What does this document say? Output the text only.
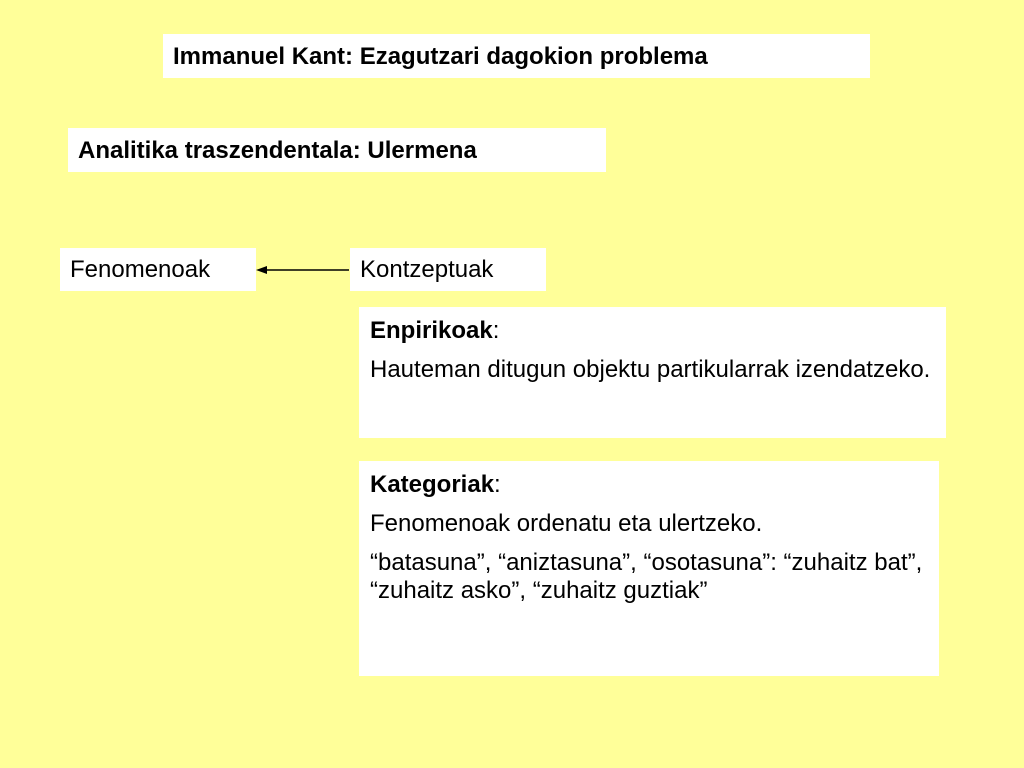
Immanuel Kant: Ezagutzari dagokion problema
Analitika traszendentala: Ulermena
Fenomenoak	Kontzeptuak

Enpirikoak:

Hauteman ditugun objektu partikularrak izendatzeko.

Kategoriak:

Fenomenoak ordenatu eta ulertzeko.

“batasuna”, “aniztasuna”, “osotasuna”: “zuhaitz bat”, “zuhaitz asko”, “zuhaitz guztiak”
